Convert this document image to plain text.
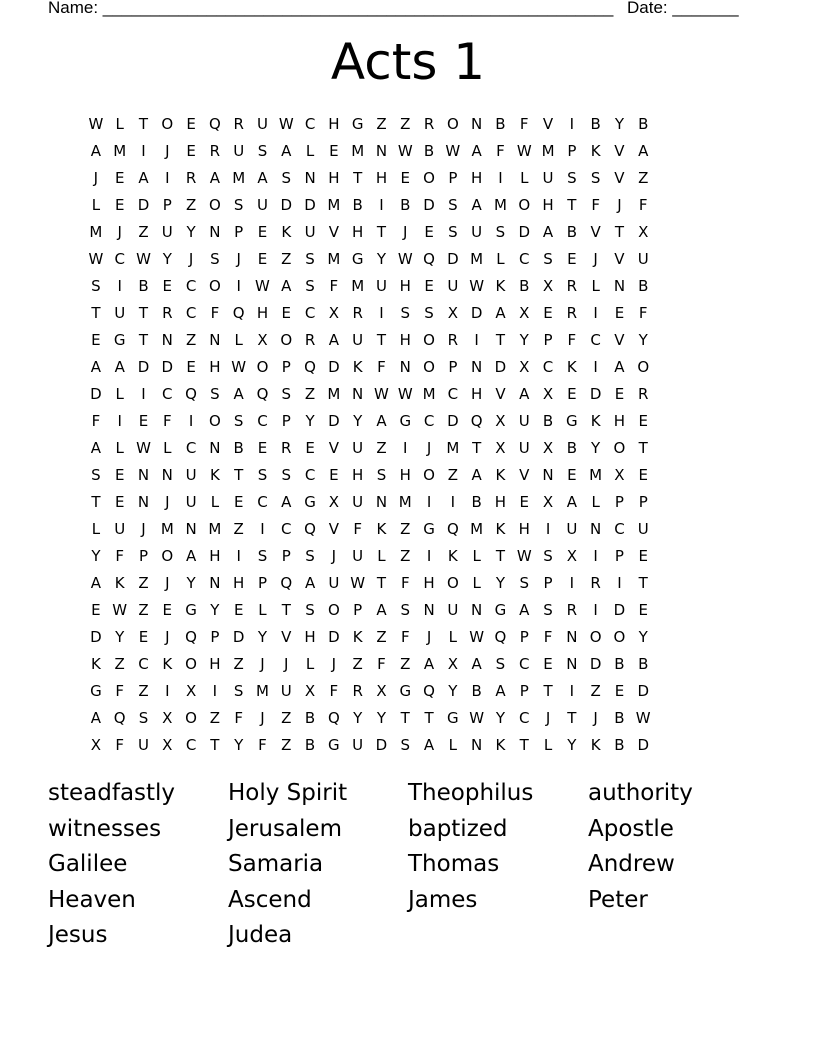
Name: ______________________________________________________ Date: _______
Acts 1
W L	T O E Q R U W C H G Z Z R O N B F V	I	B Y B
A M	I	J	E R U S A L E M N W B W A F W M P K V A
J	E A	I	R A M A S N H T H E O P H	I	L U S S V Z
L E D P Z O S U D D M B	I	B D S A M O H T F	J	F
M	J	Z U Y N P E K U V H T	J	E S U S D A B V T X
W C W Y	J	S	J	E Z S M G Y W Q D M L C S E	J	V U
S	I	B E C O	I W A S F M U H E U W K B X R L N B
T U T R C F Q H E C X R	I	S S X D A X E R	I	E F
E G T N Z N L X O R A U T H O R	I	T Y P F C V Y
A A D D E H W O P Q D K F N O P N D X C K	I	A O
D L	I	C Q S A Q S Z M N W W M C H V A X E D E R
F	I	E F	I	O S C P Y D Y A G C D Q X U B G K H E
A L W L C N B E R E V U Z	I	J	M T X U X B Y O T
S E N N U K T S S C E H S H O Z A K V N E M X E
T E N	J	U L E C A G X U N M	I	I	B H E X A L	P P
L U	J	M N M Z	I	C Q V F K Z G Q M K H	I	U N C U
Y F P O A H	I	S P S	J	U L Z	I	K L	T W S X	I	P E
A K Z	J	Y N H P Q A U W T F H O L	Y S P	I	R	I	T
E W Z E G Y E L	T S O P A S N U N G A S R	I	D E
D Y E	J	Q P D Y V H D K Z F	J	L W Q P F N O O Y
K Z C K O H Z	J	J	L	J	Z F Z A X A S C E N D B B
G F Z	I	X	I	S M U X F R X G Q Y B A P T	I	Z E D
A Q S X O Z F	J	Z B Q Y Y T T G W Y C	J	T	J	B W
X F U X C T Y F Z B G U D S A L N K T	L	Y K B D
steadfastly	Holy Spirit	Theophilus	authority
witnesses	Jerusalem	baptized	Apostle
Galilee	Samaria	Thomas	Andrew
Heaven	Ascend	James	Peter
Jesus	Judea
